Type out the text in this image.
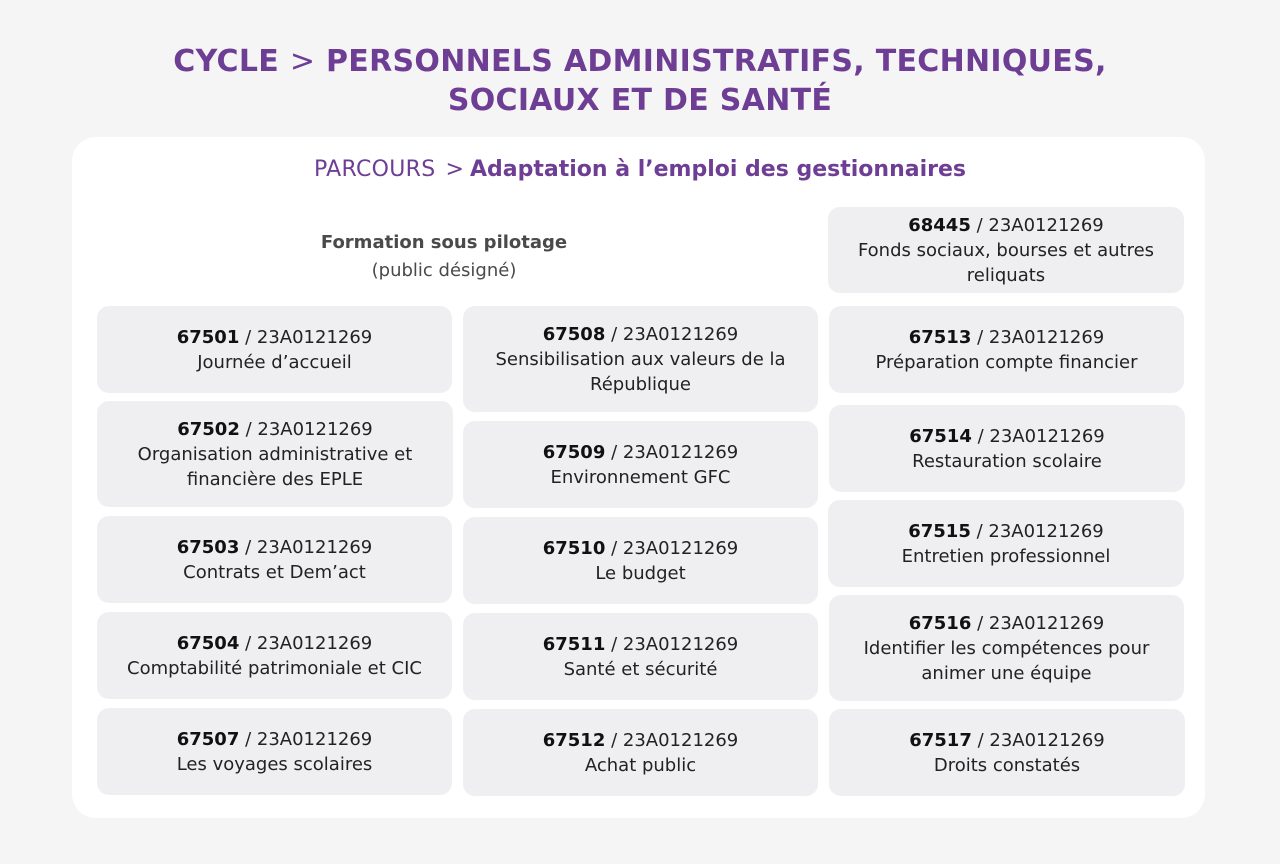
CYCLE > PERSONNELS ADMINISTRATIFS, TECHNIQUES,
SOCIAUX ET DE SANTÉ
PARCOURS > Adaptation à l’emploi des gestionnaires
Formation sous pilotage
(public désigné)
67501 / 23A0121269
Journée d’accueil
67502 / 23A0121269
Organisation administrative et financière des EPLE
67503 / 23A0121269
Contrats et Dem’act
67504 / 23A0121269
Comptabilité patrimoniale et CIC
67507 / 23A0121269
Les voyages scolaires
67508 / 23A0121269
Sensibilisation aux valeurs de la République
67509 / 23A0121269
Environnement GFC
67510 / 23A0121269
Le budget
67511 / 23A0121269
Santé et sécurité
67512 / 23A0121269
Achat public
68445 / 23A0121269
Fonds sociaux, bourses et autres reliquats
67513 / 23A0121269
Préparation compte financier
67514 / 23A0121269
Restauration scolaire
67515 / 23A0121269
Entretien professionnel
67516 / 23A0121269
Identifier les compétences pour animer une équipe
67517 / 23A0121269
Droits constatés
